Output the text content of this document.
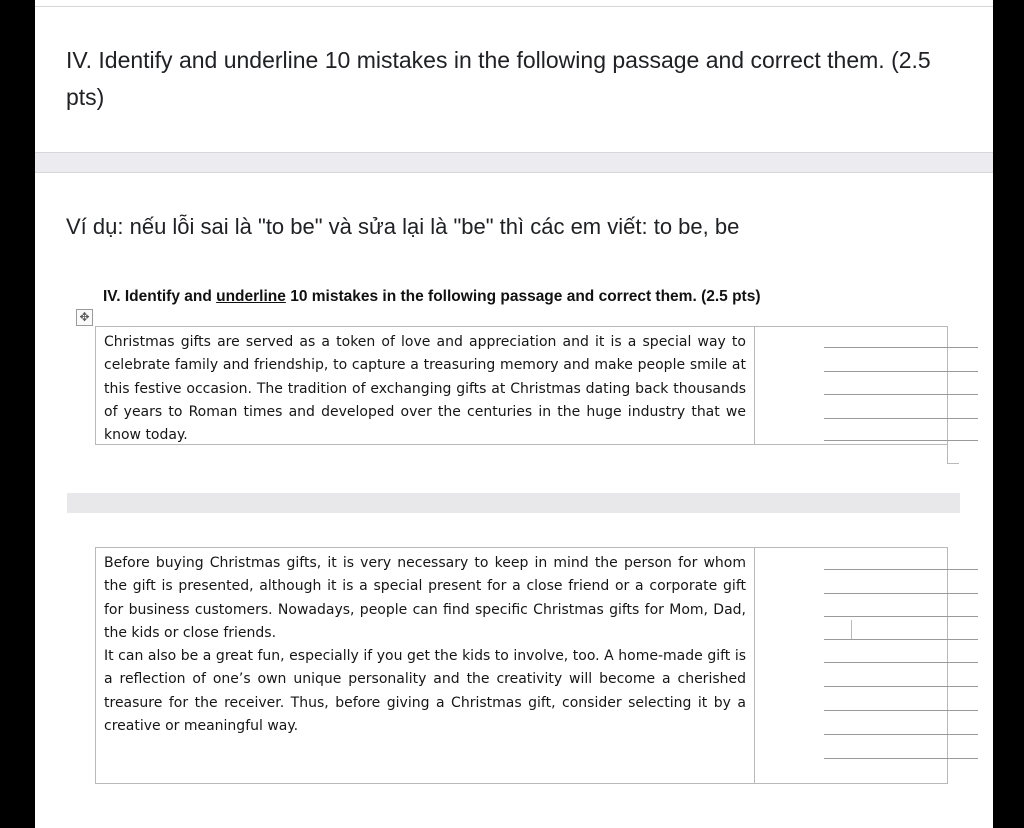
IV. Identify and underline 10 mistakes in the following passage and correct them. (2.5 pts)
Ví dụ: nếu lỗi sai là "to be" và sửa lại là "be" thì các em viết: to be, be
✥
IV. Identify and underline 10 mistakes in the following passage and correct them. (2.5 pts)
Christmas gifts are served as a token of love and appreciation and it is a special way to celebrate family and friendship, to capture a treasuring memory and make people smile at this festive occasion. The tradition of exchanging gifts at Christmas dating back thousands of years to Roman times and developed over the centuries in the huge industry that we know today.
Before buying Christmas gifts, it is very necessary to keep in mind the person for whom the gift is presented, although it is a special present for a close friend or a corporate gift for business customers. Nowadays, people can find specific Christmas gifts for Mom, Dad, the kids or close friends.
It can also be a great fun, especially if you get the kids to involve, too. A home-made gift is a reflection of one’s own unique personality and the creativity will become a cherished treasure for the receiver. Thus, before giving a Christmas gift, consider selecting it by a creative or meaningful way.
